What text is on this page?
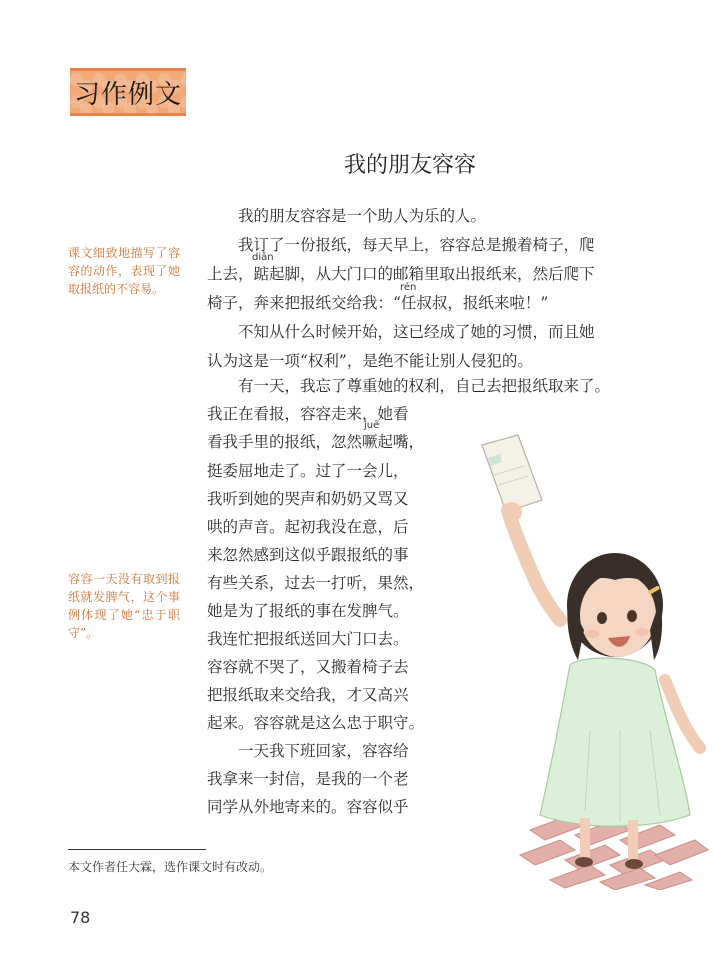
习作例文
我的朋友容容
课文细致地描写了容容的动作，表现了她取报纸的不容易。
容容一天没有取到报纸就发脾气，这个事例体现了她“忠于职守”。
diǎn
rén
juē

我的朋友容容是一个助人为乐的人。

我订了一份报纸，每天早上，容容总是搬着椅子，爬

上去，踮起脚，从大门口的邮箱里取出报纸来，然后爬下

椅子，奔来把报纸交给我：“任叔叔，报纸来啦！”

不知从什么时候开始，这已经成了她的习惯，而且她

认为这是一项“权利”，是绝不能让别人侵犯的。

有一天，我忘了尊重她的权利，自己去把报纸取来了。

我正在看报，容容走来，她看

看我手里的报纸，忽然噘起嘴，

挺委屈地走了。过了一会儿，

我听到她的哭声和奶奶又骂又

哄的声音。起初我没在意，后

来忽然感到这似乎跟报纸的事

有些关系，过去一打听，果然，

她是为了报纸的事在发脾气。

我连忙把报纸送回大门口去。

容容就不哭了，又搬着椅子去

把报纸取来交给我，才又高兴

起来。容容就是这么忠于职守。

一天我下班回家，容容给

我拿来一封信，是我的一个老

同学从外地寄来的。容容似乎

本文作者任大霖，选作课文时有改动。
78
